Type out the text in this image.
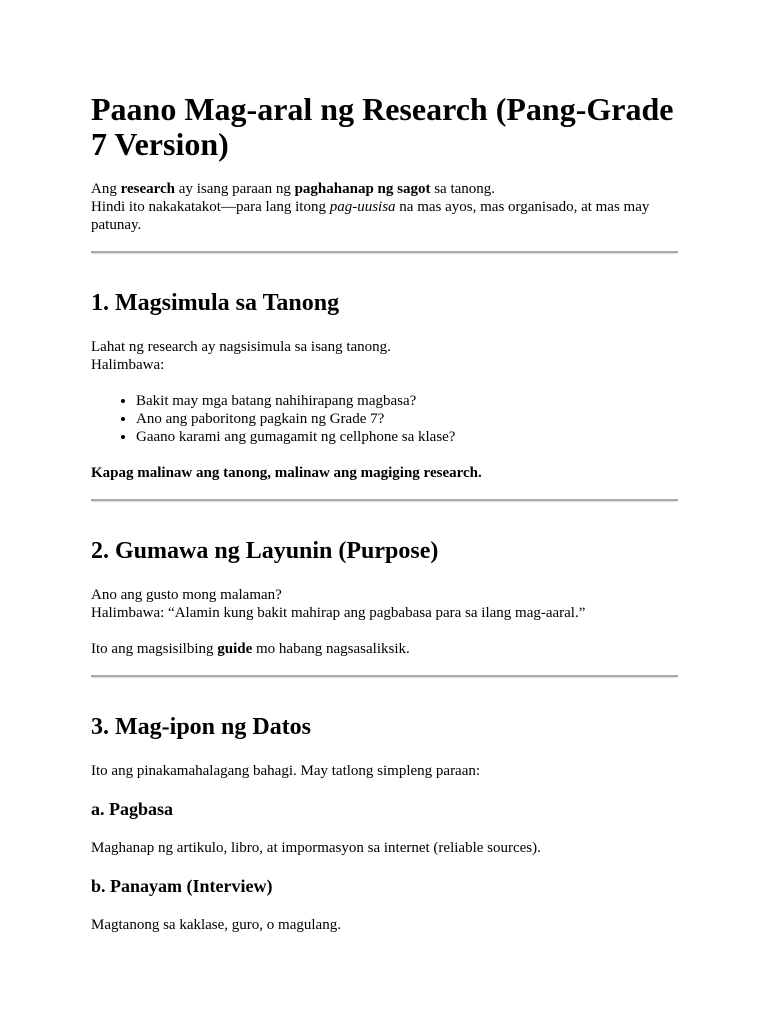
Paano Mag-aral ng Research (Pang-Grade 7 Version)

Ang research ay isang paraan ng paghahanap ng sagot sa tanong.
Hindi ito nakakatakot—para lang itong pag-uusisa na mas ayos, mas organisado, at mas may patunay.

1. Magsimula sa Tanong

Lahat ng research ay nagsisimula sa isang tanong.
Halimbawa:

• Bakit may mga batang nahihirapang magbasa?
• Ano ang paboritong pagkain ng Grade 7?
• Gaano karami ang gumagamit ng cellphone sa klase?

Kapag malinaw ang tanong, malinaw ang magiging research.

2. Gumawa ng Layunin (Purpose)

Ano ang gusto mong malaman?
Halimbawa: “Alamin kung bakit mahirap ang pagbabasa para sa ilang mag-aaral.”

Ito ang magsisilbing guide mo habang nagsasaliksik.

3. Mag-ipon ng Datos

Ito ang pinakamahalagang bahagi. May tatlong simpleng paraan:

a. Pagbasa

Maghanap ng artikulo, libro, at impormasyon sa internet (reliable sources).

b. Panayam (Interview)

Magtanong sa kaklase, guro, o magulang.
